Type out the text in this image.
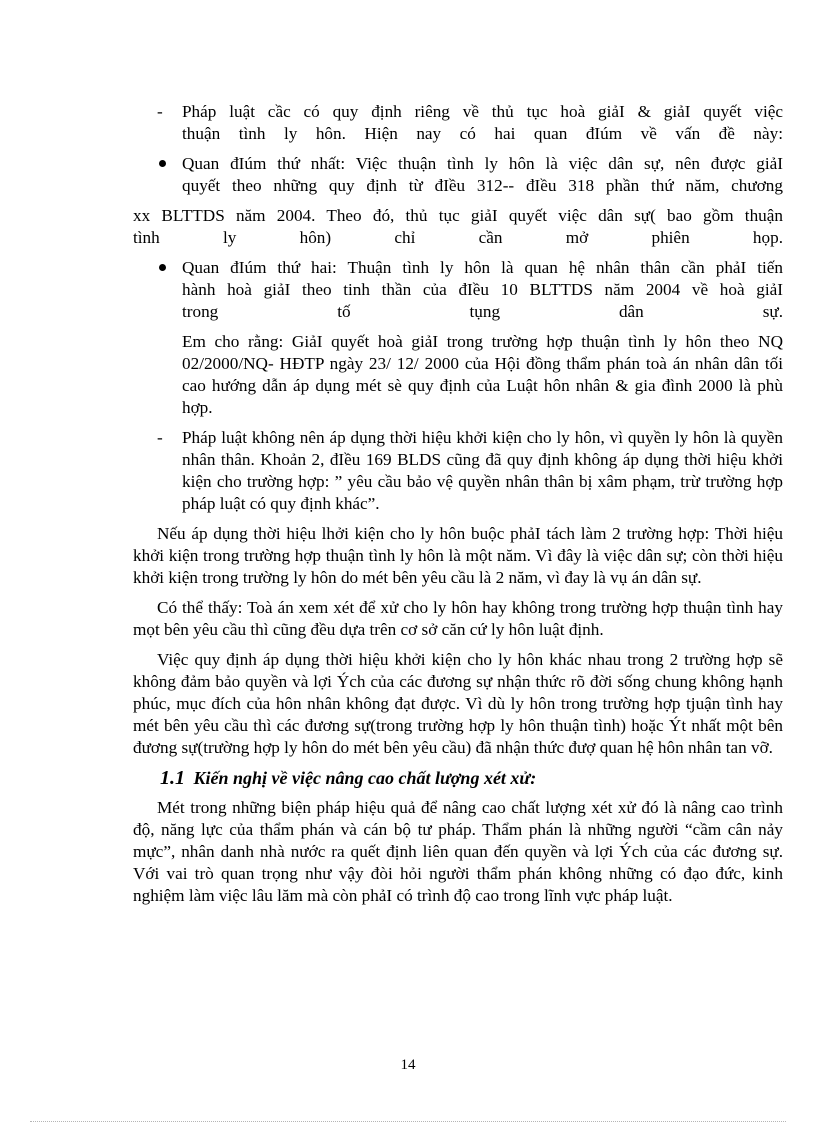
- Pháp luật cầc có quy định riêng về thủ tục hoà giảI & giảI quyết việc
thuận tình ly hôn. Hiện nay có hai quan đIúm về vấn đề này:
Quan đIúm thứ nhất: Việc thuận tình ly hôn là việc dân sự, nên được giảI
quyết theo những quy định từ đIều 312-- đIều 318 phần thứ năm, chương
xx BLTTDS năm 2004. Theo đó, thủ tục giảI quyết việc dân sự( bao gồm thuận
tình ly hôn) chỉ cần mở phiên họp.
Quan đIúm thứ hai: Thuận tình ly hôn là quan hệ nhân thân cần phảI tiến
hành hoà giảI theo tinh thần của đIều 10 BLTTDS năm 2004 về hoà giảI
trong tố tụng dân sự.
Em cho rằng: GiảI quyết hoà giảI trong trường hợp thuận tình ly hôn theo NQ 02/2000/NQ- HĐTP ngày 23/ 12/ 2000 của Hội đồng thẩm phán toà án nhân dân tối cao hướng dẫn áp dụng mét sè quy định của Luật hôn nhân & gia đình 2000 là phù hợp.
- Pháp luật không nên áp dụng thời hiệu khởi kiện cho ly hôn, vì quyền ly hôn là quyền nhân thân. Khoản 2, đIều 169 BLDS cũng đã quy định không áp dụng thời hiệu khởi kiện cho trường hợp: ” yêu cầu bảo vệ quyền nhân thân bị xâm phạm, trừ trường hợp pháp luật có quy định khác”.
Nếu áp dụng thời hiệu lhởi kiện cho ly hôn buộc phảI tách làm 2 trường hợp: Thời hiệu khởi kiện trong trường hợp thuận tình ly hôn là một năm. Vì đây là việc dân sự; còn thời hiệu khởi kiện trong trường ly hôn do mét bên yêu cầu là 2 năm, vì đay là vụ án dân sự.
Có thể thấy: Toà án xem xét để xử cho ly hôn hay không trong trường hợp thuận tình hay mọt bên yêu cầu thì cũng đều dựa trên cơ sở căn cứ ly hôn luật định.
Việc quy định áp dụng thời hiệu khởi kiện cho ly hôn khác nhau trong 2 trường hợp sẽ không đảm bảo quyền và lợi Ých của các đương sự nhận thức rõ đời sống chung không hạnh phúc, mục đích của hôn nhân không đạt được. Vì dù ly hôn trong trường hợp tjuận tình hay mét bên yêu cầu thì các đương sự(trong trường hợp ly hôn thuận tình) hoặc Ýt nhất một bên đương sự(trường hợp ly hôn do mét bên yêu cầu) đã nhận thức đượ quan hệ hôn nhân tan vỡ.
1.1 Kiến nghị về việc nâng cao chất lượng xét xử:
Mét trong những biện pháp hiệu quả để nâng cao chất lượng xét xử đó là nâng cao trình độ, năng lực của thẩm phán và cán bộ tư pháp. Thẩm phán là những người “cầm cân nảy mực”, nhân danh nhà nước ra quết định liên quan đến quyền và lợi Ých của các đương sự. Với vai trò quan trọng như vậy đòi hỏi người thẩm phán không những có đạo đức, kinh nghiệm làm việc lâu lăm mà còn phảI có trình độ cao trong lĩnh vực pháp luật.
14
